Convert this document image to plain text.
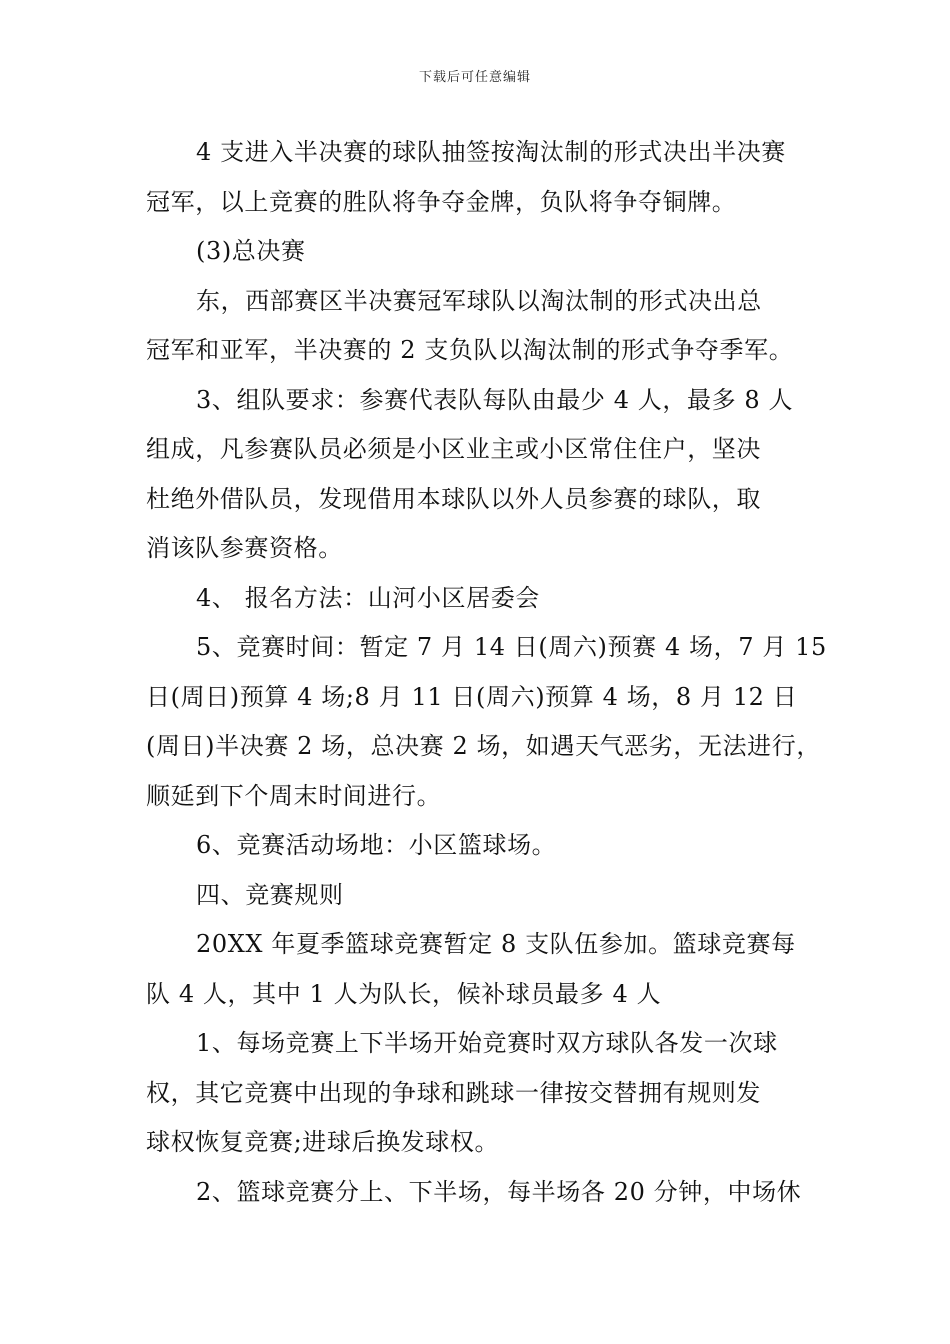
下载后可任意编辑
4 支进入半决赛的球队抽签按淘汰制的形式决出半决赛
冠军，以上竞赛的胜队将争夺金牌，负队将争夺铜牌。
(3)总决赛
东，西部赛区半决赛冠军球队以淘汰制的形式决出总
冠军和亚军，半决赛的 2 支负队以淘汰制的形式争夺季军。
3、组队要求：参赛代表队每队由最少 4 人，最多 8 人
组成，凡参赛队员必须是小区业主或小区常住住户，坚决
杜绝外借队员，发现借用本球队以外人员参赛的球队，取
消该队参赛资格。
4、 报名方法：山河小区居委会
5、竞赛时间：暂定 7 月 14 日(周六)预赛 4 场，7 月 15
日(周日)预算 4 场;8 月 11 日(周六)预算 4 场，8 月 12 日
(周日)半决赛 2 场，总决赛 2 场，如遇天气恶劣，无法进行，
顺延到下个周末时间进行。
6、竞赛活动场地：小区篮球场。
四、竞赛规则
20XX 年夏季篮球竞赛暂定 8 支队伍参加。篮球竞赛每
队 4 人，其中 1 人为队长，候补球员最多 4 人
1、每场竞赛上下半场开始竞赛时双方球队各发一次球
权，其它竞赛中出现的争球和跳球一律按交替拥有规则发
球权恢复竞赛;进球后换发球权。
2、篮球竞赛分上、下半场，每半场各 20 分钟，中场休
